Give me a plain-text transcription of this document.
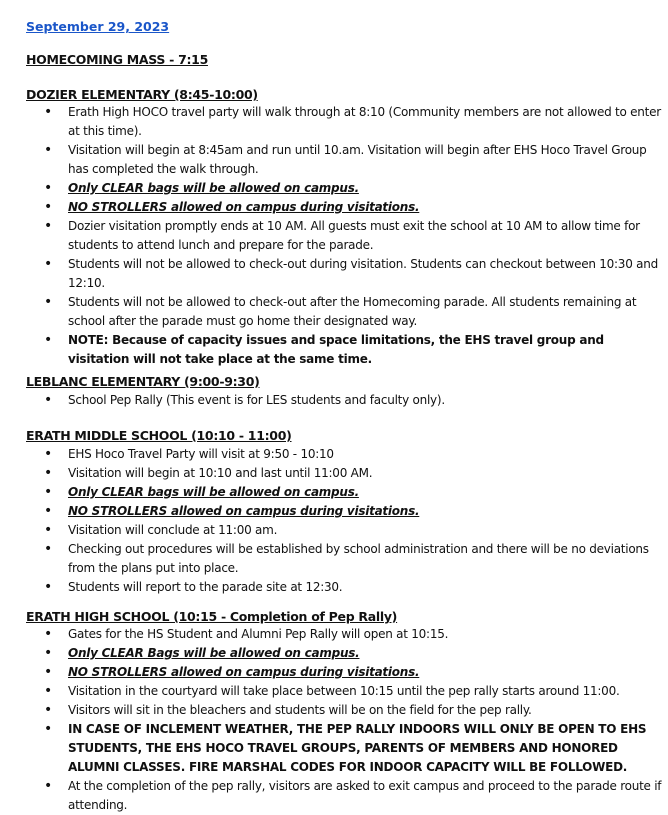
September 29, 2023
HOMECOMING MASS - 7:15
DOZIER ELEMENTARY (8:45-10:00)
• Erath High HOCO travel party will walk through at 8:10 (Community members are not allowed to enter at this time).
• Visitation will begin at 8:45am and run until 10.am. Visitation will begin after EHS Hoco Travel Group has completed the walk through.
• Only CLEAR bags will be allowed on campus.
• NO STROLLERS allowed on campus during visitations.
• Dozier visitation promptly ends at 10 AM. All guests must exit the school at 10 AM to allow time for students to attend lunch and prepare for the parade.
• Students will not be allowed to check-out during visitation. Students can checkout between 10:30 and 12:10.
• Students will not be allowed to check-out after the Homecoming parade. All students remaining at school after the parade must go home their designated way.
• NOTE: Because of capacity issues and space limitations, the EHS travel group and visitation will not take place at the same time.
LEBLANC ELEMENTARY (9:00-9:30)
• School Pep Rally (This event is for LES students and faculty only).
ERATH MIDDLE SCHOOL (10:10 - 11:00)
• EHS Hoco Travel Party will visit at 9:50 - 10:10
• Visitation will begin at 10:10 and last until 11:00 AM.
• Only CLEAR bags will be allowed on campus.
• NO STROLLERS allowed on campus during visitations.
• Visitation will conclude at 11:00 am.
• Checking out procedures will be established by school administration and there will be no deviations from the plans put into place.
• Students will report to the parade site at 12:30.
ERATH HIGH SCHOOL (10:15 - Completion of Pep Rally)
• Gates for the HS Student and Alumni Pep Rally will open at 10:15.
• Only CLEAR Bags will be allowed on campus.
• NO STROLLERS allowed on campus during visitations.
• Visitation in the courtyard will take place between 10:15 until the pep rally starts around 11:00.
• Visitors will sit in the bleachers and students will be on the field for the pep rally.
• IN CASE OF INCLEMENT WEATHER, THE PEP RALLY INDOORS WILL ONLY BE OPEN TO EHS STUDENTS, THE EHS HOCO TRAVEL GROUPS, PARENTS OF MEMBERS AND HONORED ALUMNI CLASSES. FIRE MARSHAL CODES FOR INDOOR CAPACITY WILL BE FOLLOWED.
• At the completion of the pep rally, visitors are asked to exit campus and proceed to the parade route if attending.
